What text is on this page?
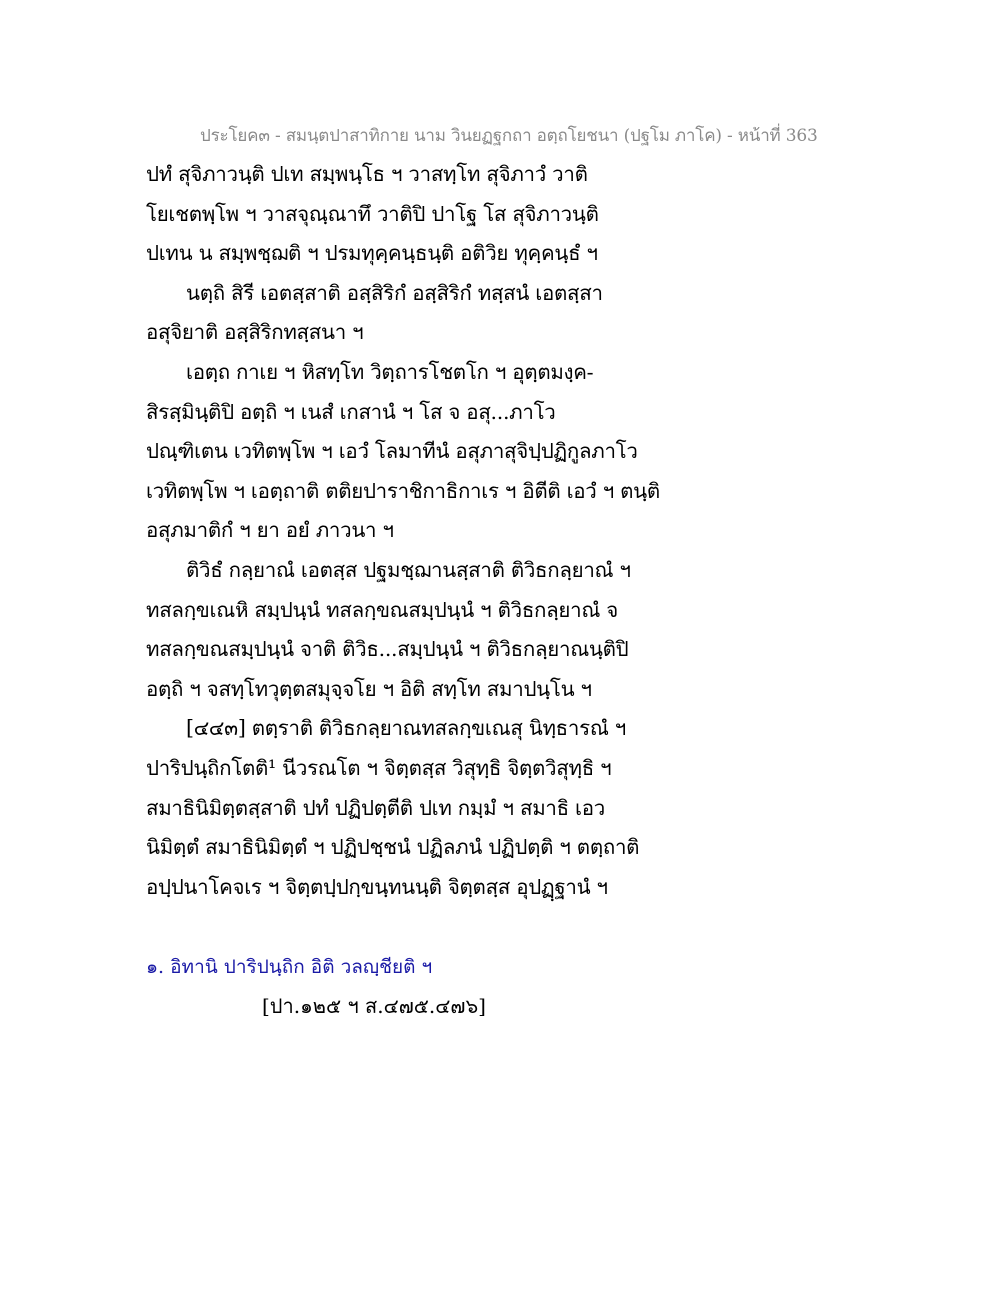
ประโยค๓ - สมนฺตปาสาทิกาย นาม วินยฏฐกถา อตฺถโยชนา (ปฐโม ภาโค) - หน้าที่ 363
ปทํ สุจิภาวนฺติ ปเท สมฺพนฺโธ ฯ วาสทฺโท สุจิภาวํ วาติ
โยเชตพฺโพ ฯ วาสจุณฺณาทึ วาติปิ ปาโฐ โส สุจิภาวนฺติ
ปเทน น สมฺพชฺฌติ ฯ ปรมทุคฺคนฺธนฺติ อติวิย ทุคฺคนฺธํ ฯ
นตฺถิ สิรี เอตสฺสาติ อสฺสิริกํ อสฺสิริกํ ทสฺสนํ เอตสฺสา
อสุจิยาติ อสฺสิริกทสฺสนา ฯ
เอตฺถ กาเย ฯ หิสทฺโท วิตฺถารโชตโก ฯ อุตฺตมงฺค-
สิรสฺมินฺติปิ อตฺถิ ฯ เนสํ เกสานํ ฯ โส จ อสุ...ภาโว
ปณฺฑิเตน เวทิตพฺโพ ฯ เอวํ โลมาทีนํ อสุภาสุจิปฺปฏิกูลภาโว
เวทิตพฺโพ ฯ เอตฺถาติ ตติยปาราชิกาธิกาเร ฯ อิตีติ เอวํ ฯ ตนฺติ
อสุภมาติกํ ฯ ยา อยํ ภาวนา ฯ
ติวิธํ กลฺยาณํ เอตสฺส ปฐมชฺฌานสฺสาติ ติวิธกลฺยาณํ ฯ
ทสลกฺขเณหิ สมฺปนฺนํ ทสลกฺขณสมฺปนฺนํ ฯ ติวิธกลฺยาณํ จ
ทสลกฺขณสมฺปนฺนํ จาติ ติวิธ...สมฺปนฺนํ ฯ ติวิธกลฺยาณนฺติปิ
อตฺถิ ฯ จสทฺโทวุตฺตสมุจฺจโย ฯ อิติ สทฺโท สมาปนฺโน ฯ
[๔๔๓] ตตฺราติ ติวิธกลฺยาณทสลกฺขเณสุ นิทฺธารณํ ฯ
ปาริปนฺถิกโตติ¹ นีวรณโต ฯ จิตฺตสฺส วิสุทฺธิ จิตฺตวิสุทฺธิ ฯ
สมาธินิมิตฺตสฺสาติ ปทํ ปฏิปตฺตีติ ปเท กมฺมํ ฯ สมาธิ เอว
นิมิตฺตํ สมาธินิมิตฺตํ ฯ ปฏิปชฺชนํ ปฏิลภนํ ปฏิปตฺติ ฯ ตตฺถาติ
อปฺปนาโคจเร ฯ จิตฺตปฺปกฺขนฺทนนฺติ จิตฺตสฺส อุปฏฺฐานํ ฯ
๑. อิทานิ ปาริปนฺถิก อิติ วลญฺชียติ ฯ
[ปา.๑๒๕ ฯ ส.๔๗๕.๔๗๖]
